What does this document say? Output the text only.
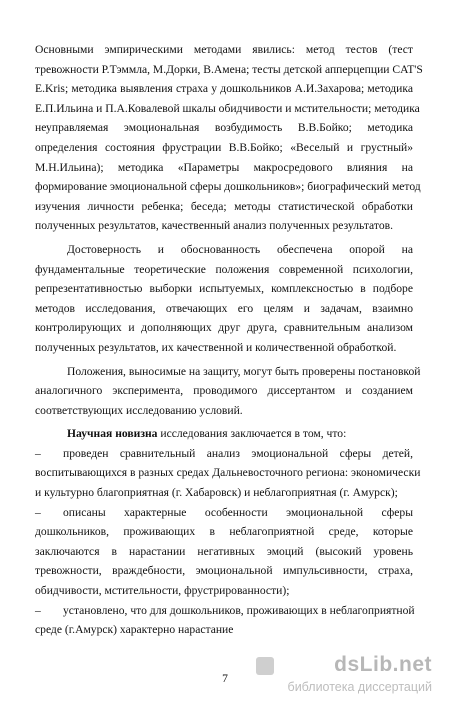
Основными эмпирическими методами явились: метод тестов (тест
тревожности Р.Тэммла, М.Дорки, В.Амена; тесты детской апперцепции CAT'S
E.Kris; методика выявления страха у дошкольников А.И.Захарова; методика
Е.П.Ильина и П.А.Ковалевой шкалы обидчивости и мстительности; методика
неуправляемая эмоциональная возбудимость В.В.Бойко; методика
определения состояния фрустрации В.В.Бойко; «Веселый и грустный»
М.Н.Ильина); методика «Параметры макросредового влияния на
формирование эмоциональной сферы дошкольников»; биографический метод
изучения личности ребенка; беседа; методы статистической обработки
полученных результатов, качественный анализ полученных результатов.
Достоверность и обоснованность обеспечена опорой на
фундаментальные теоретические положения современной психологии,
репрезентативностью выборки испытуемых, комплексностью в подборе
методов исследования, отвечающих его целям и задачам, взаимно
контролирующих и дополняющих друг друга, сравнительным анализом
полученных результатов, их качественной и количественной обработкой.
Положения, выносимые на защиту, могут быть проверены постановкой
аналогичного эксперимента, проводимого диссертантом и созданием
соответствующих исследованию условий.
Научная новизна исследования заключается в том, что:
– проведен сравнительный анализ эмоциональной сферы детей,
воспитывающихся в разных средах Дальневосточного региона: экономически
и культурно благоприятная (г. Хабаровск) и неблагоприятная (г. Амурск);
– описаны характерные особенности эмоциональной сферы
дошкольников, проживающих в неблагоприятной среде, которые
заключаются в нарастании негативных эмоций (высокий уровень
тревожности, враждебности, эмоциональной импульсивности, страха,
обидчивости, мстительности, фрустрированности);
– установлено, что для дошкольников, проживающих в неблагоприятной
среде (г.Амурск) характерно нарастание
7
dsLib.net
библиотека диссертаций
